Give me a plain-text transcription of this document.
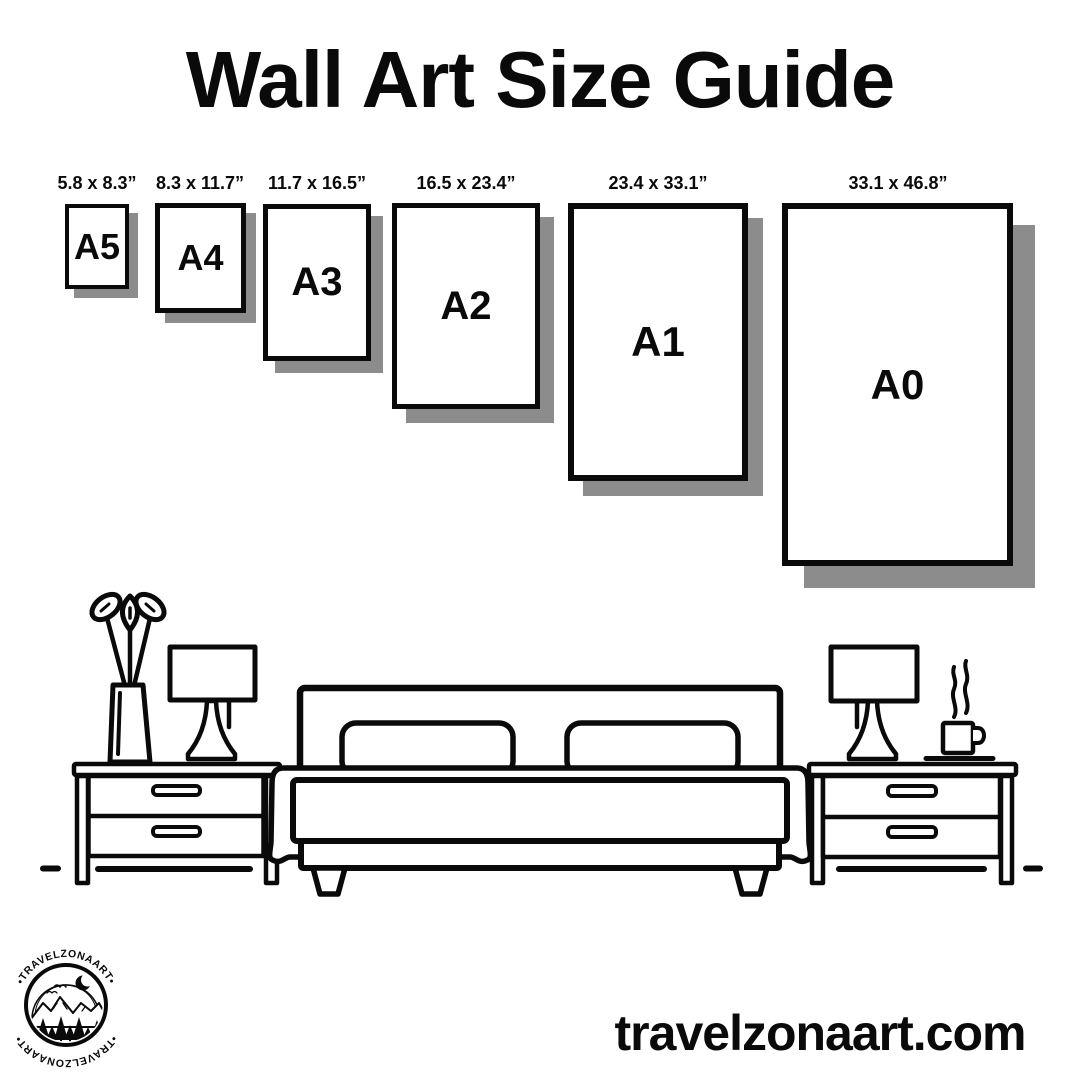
Wall Art Size Guide
5.8 x 8.3”	8.3 x 11.7”	11.7 x 16.5”	16.5 x 23.4”	23.4 x 33.1”	33.1 x 46.8”
A5 A4
A3
A2
A1
A0
•TRAVELZONAART•
•TRAVELZONAART•	travelzonaart.com
